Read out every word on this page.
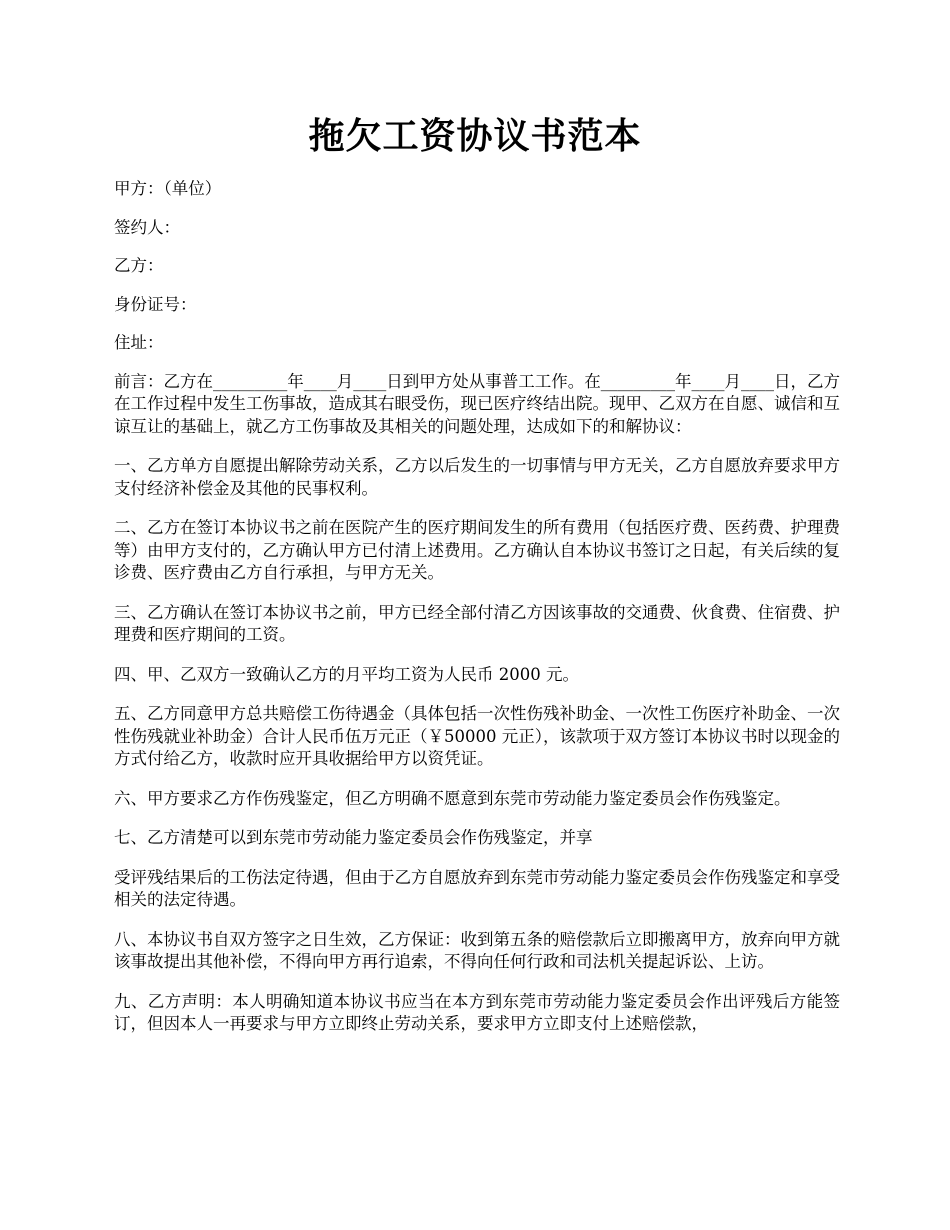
拖欠工资协议书范本

甲方：（单位）

签约人：

乙方：

身份证号：

住址：

前言：乙方在_________年____月____日到甲方处从事普工工作。在_________年____月____日，乙方在工作过程中发生工伤事故，造成其右眼受伤，现已医疗终结出院。现甲、乙双方在自愿、诚信和互谅互让的基础上，就乙方工伤事故及其相关的问题处理，达成如下的和解协议：

一、乙方单方自愿提出解除劳动关系，乙方以后发生的一切事情与甲方无关，乙方自愿放弃要求甲方支付经济补偿金及其他的民事权利。

二、乙方在签订本协议书之前在医院产生的医疗期间发生的所有费用（包括医疗费、医药费、护理费等）由甲方支付的，乙方确认甲方已付清上述费用。乙方确认自本协议书签订之日起，有关后续的复诊费、医疗费由乙方自行承担，与甲方无关。

三、乙方确认在签订本协议书之前，甲方已经全部付清乙方因该事故的交通费、伙食费、住宿费、护理费和医疗期间的工资。

四、甲、乙双方一致确认乙方的月平均工资为人民币 2000 元。

五、乙方同意甲方总共赔偿工伤待遇金（具体包括一次性伤残补助金、一次性工伤医疗补助金、一次性伤残就业补助金）合计人民币伍万元正（￥50000 元正），该款项于双方签订本协议书时以现金的方式付给乙方，收款时应开具收据给甲方以资凭证。

六、甲方要求乙方作伤残鉴定，但乙方明确不愿意到东莞市劳动能力鉴定委员会作伤残鉴定。

七、乙方清楚可以到东莞市劳动能力鉴定委员会作伤残鉴定，并享

受评残结果后的工伤法定待遇，但由于乙方自愿放弃到东莞市劳动能力鉴定委员会作伤残鉴定和享受相关的法定待遇。

八、本协议书自双方签字之日生效，乙方保证：收到第五条的赔偿款后立即搬离甲方，放弃向甲方就该事故提出其他补偿，不得向甲方再行追索，不得向任何行政和司法机关提起诉讼、上访。

九、乙方声明：本人明确知道本协议书应当在本方到东莞市劳动能力鉴定委员会作出评残后方能签订，但因本人一再要求与甲方立即终止劳动关系，要求甲方立即支付上述赔偿款，
